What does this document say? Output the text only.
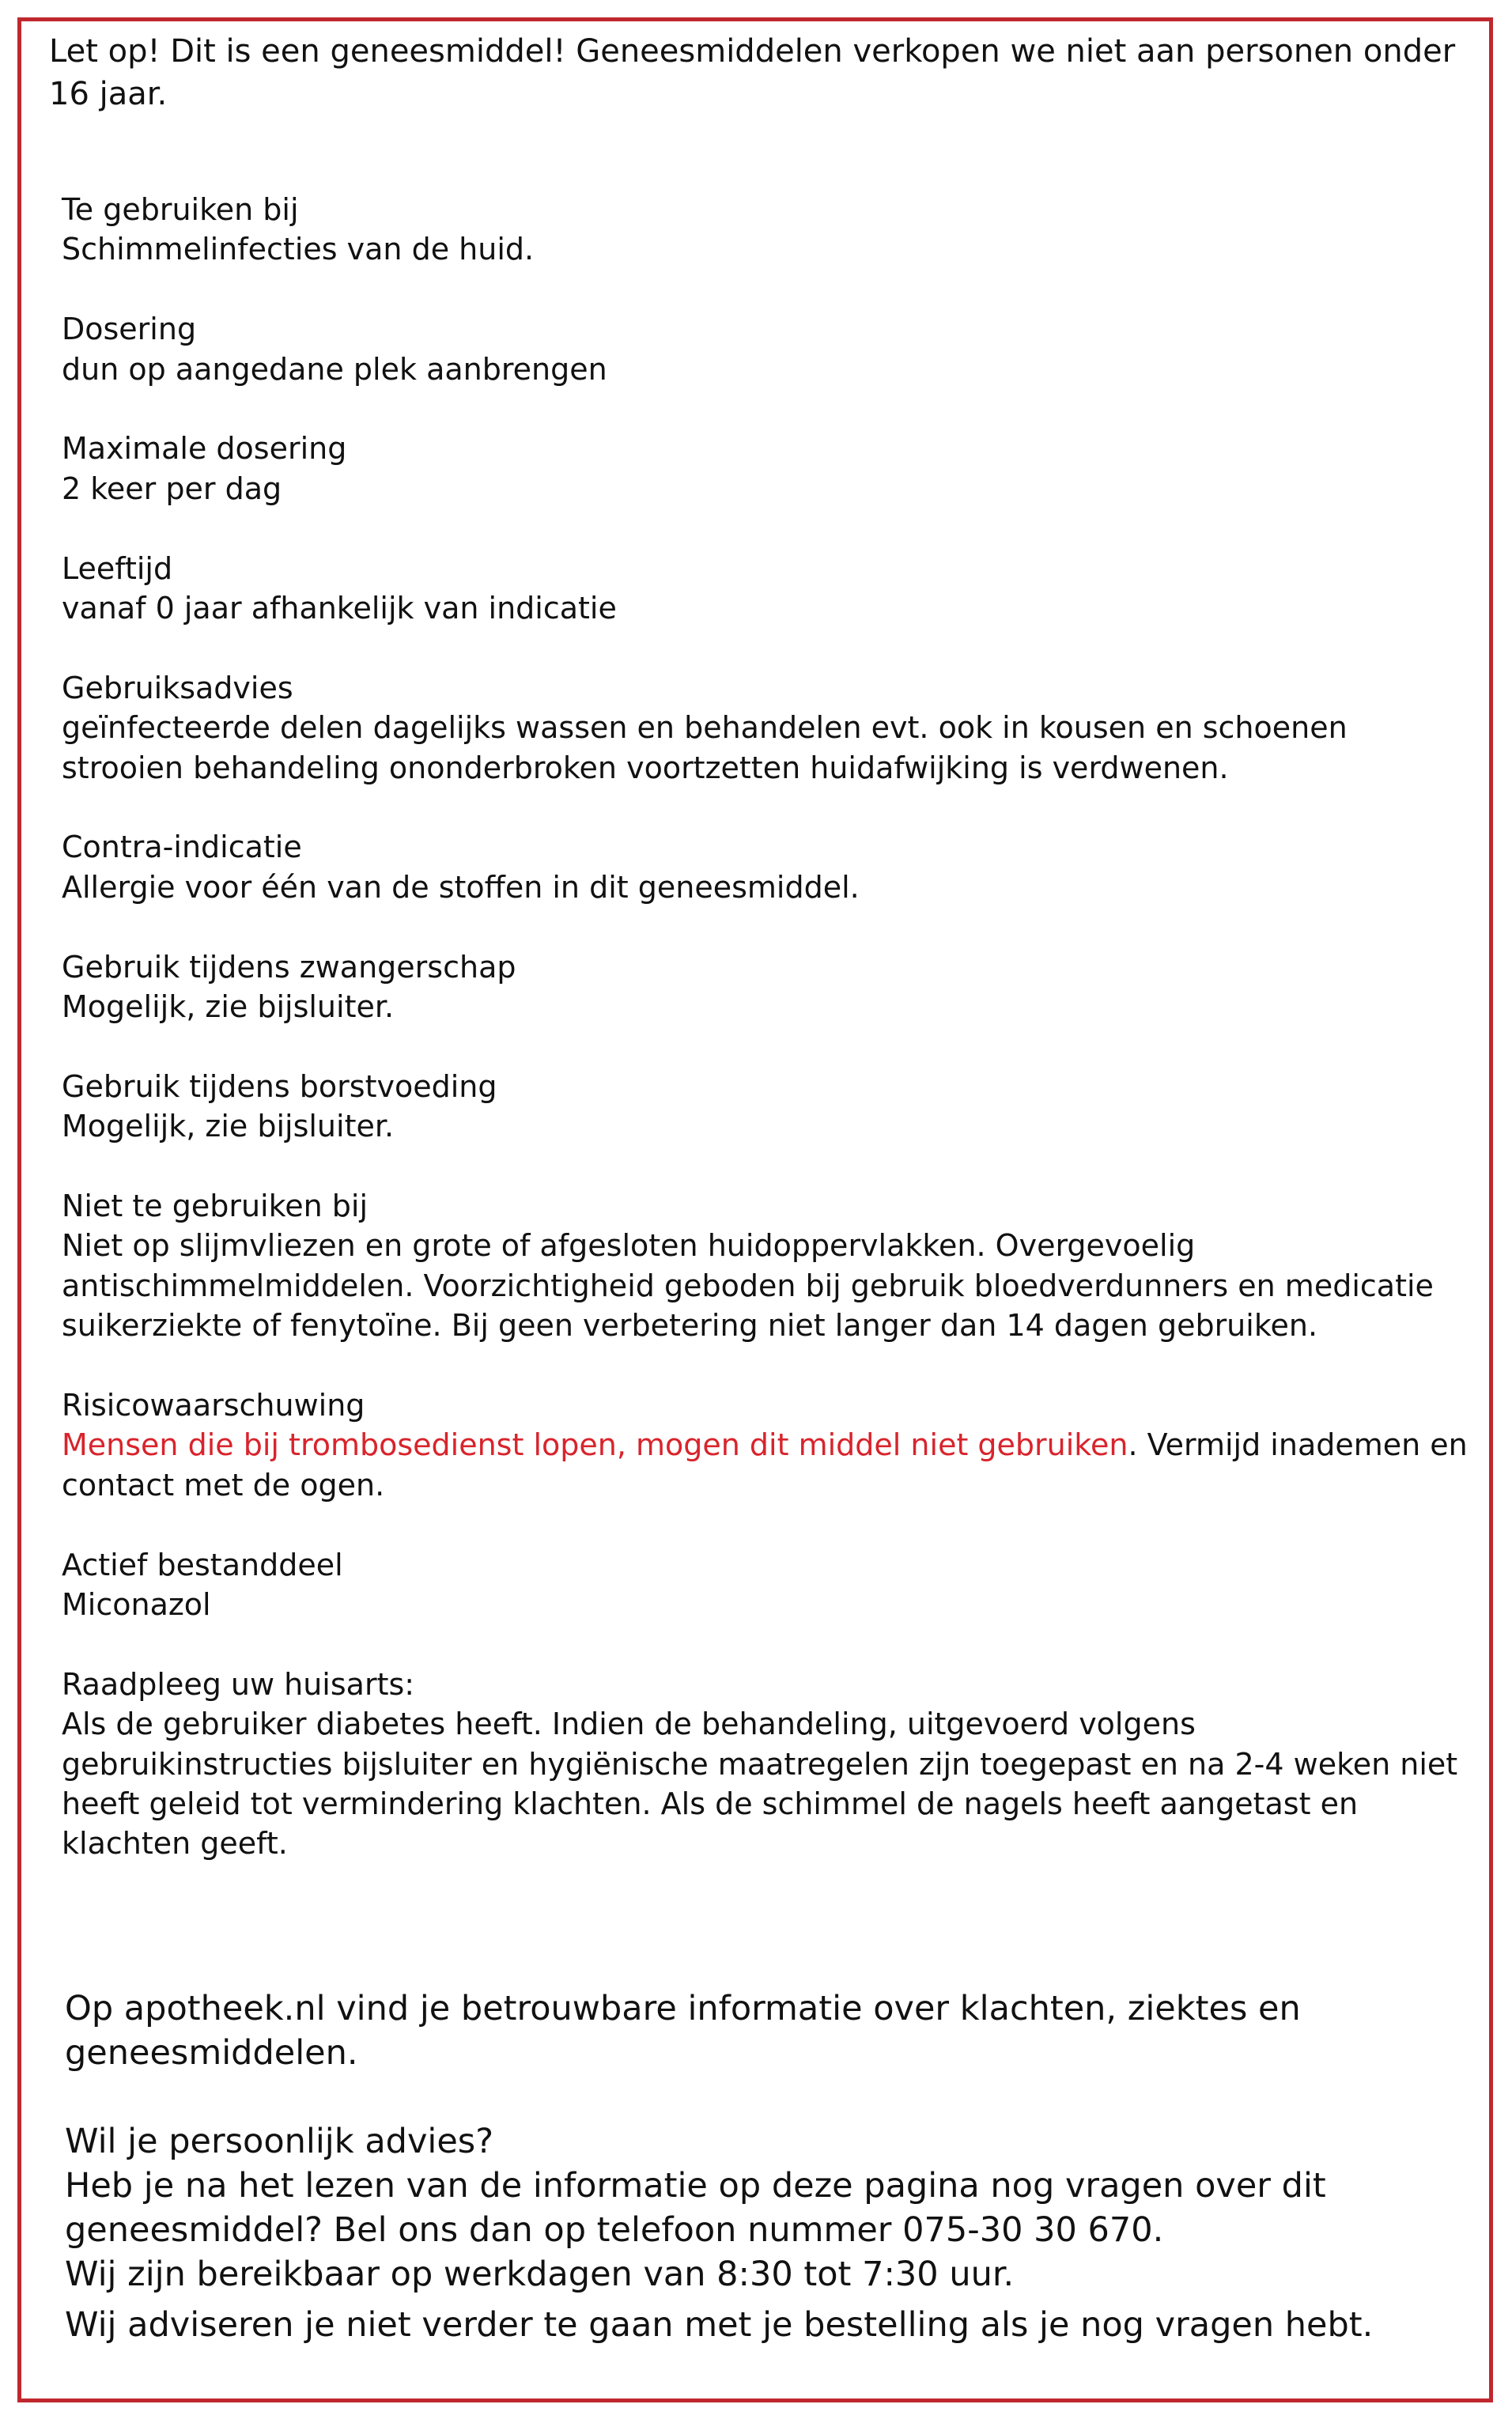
Let op! Dit is een geneesmiddel! Geneesmiddelen verkopen we niet aan personen onder 16 jaar.

Te gebruiken bij

Schimmelinfecties van de huid.

Dosering

dun op aangedane plek aanbrengen

Maximale dosering

2 keer per dag

Leeftijd

vanaf 0 jaar afhankelijk van indicatie

Gebruiksadvies

geïnfecteerde delen dagelijks wassen en behandelen evt. ook in kousen en schoenen strooien behandeling ononderbroken voortzetten huidafwijking is verdwenen.

Contra-indicatie

Allergie voor één van de stoffen in dit geneesmiddel.

Gebruik tijdens zwangerschap

Mogelijk, zie bijsluiter.

Gebruik tijdens borstvoeding

Mogelijk, zie bijsluiter.

Niet te gebruiken bij

Niet op slijmvliezen en grote of afgesloten huidoppervlakken. Overgevoelig antischimmelmiddelen. Voorzichtigheid geboden bij gebruik bloedverdunners en medicatie suikerziekte of fenytoïne. Bij geen verbetering niet langer dan 14 dagen gebruiken.

Risicowaarschuwing

Mensen die bij trombosedienst lopen, mogen dit middel niet gebruiken. Vermijd inademen en contact met de ogen.

Actief bestanddeel

Miconazol

Raadpleeg uw huisarts:

Als de gebruiker diabetes heeft. Indien de behandeling, uitgevoerd volgens gebruikinstructies bijsluiter en hygiënische maatregelen zijn toegepast en na 2-4 weken niet heeft geleid tot vermindering klachten. Als de schimmel de nagels heeft aangetast en klachten geeft.

Op apotheek.nl vind je betrouwbare informatie over klachten, ziektes en geneesmiddelen.

Wil je persoonlijk advies?

Heb je na het lezen van de informatie op deze pagina nog vragen over dit geneesmiddel? Bel ons dan op telefoon nummer 075-30 30 670.

Wij zijn bereikbaar op werkdagen van 8:30 tot 7:30 uur.

Wij adviseren je niet verder te gaan met je bestelling als je nog vragen hebt.
